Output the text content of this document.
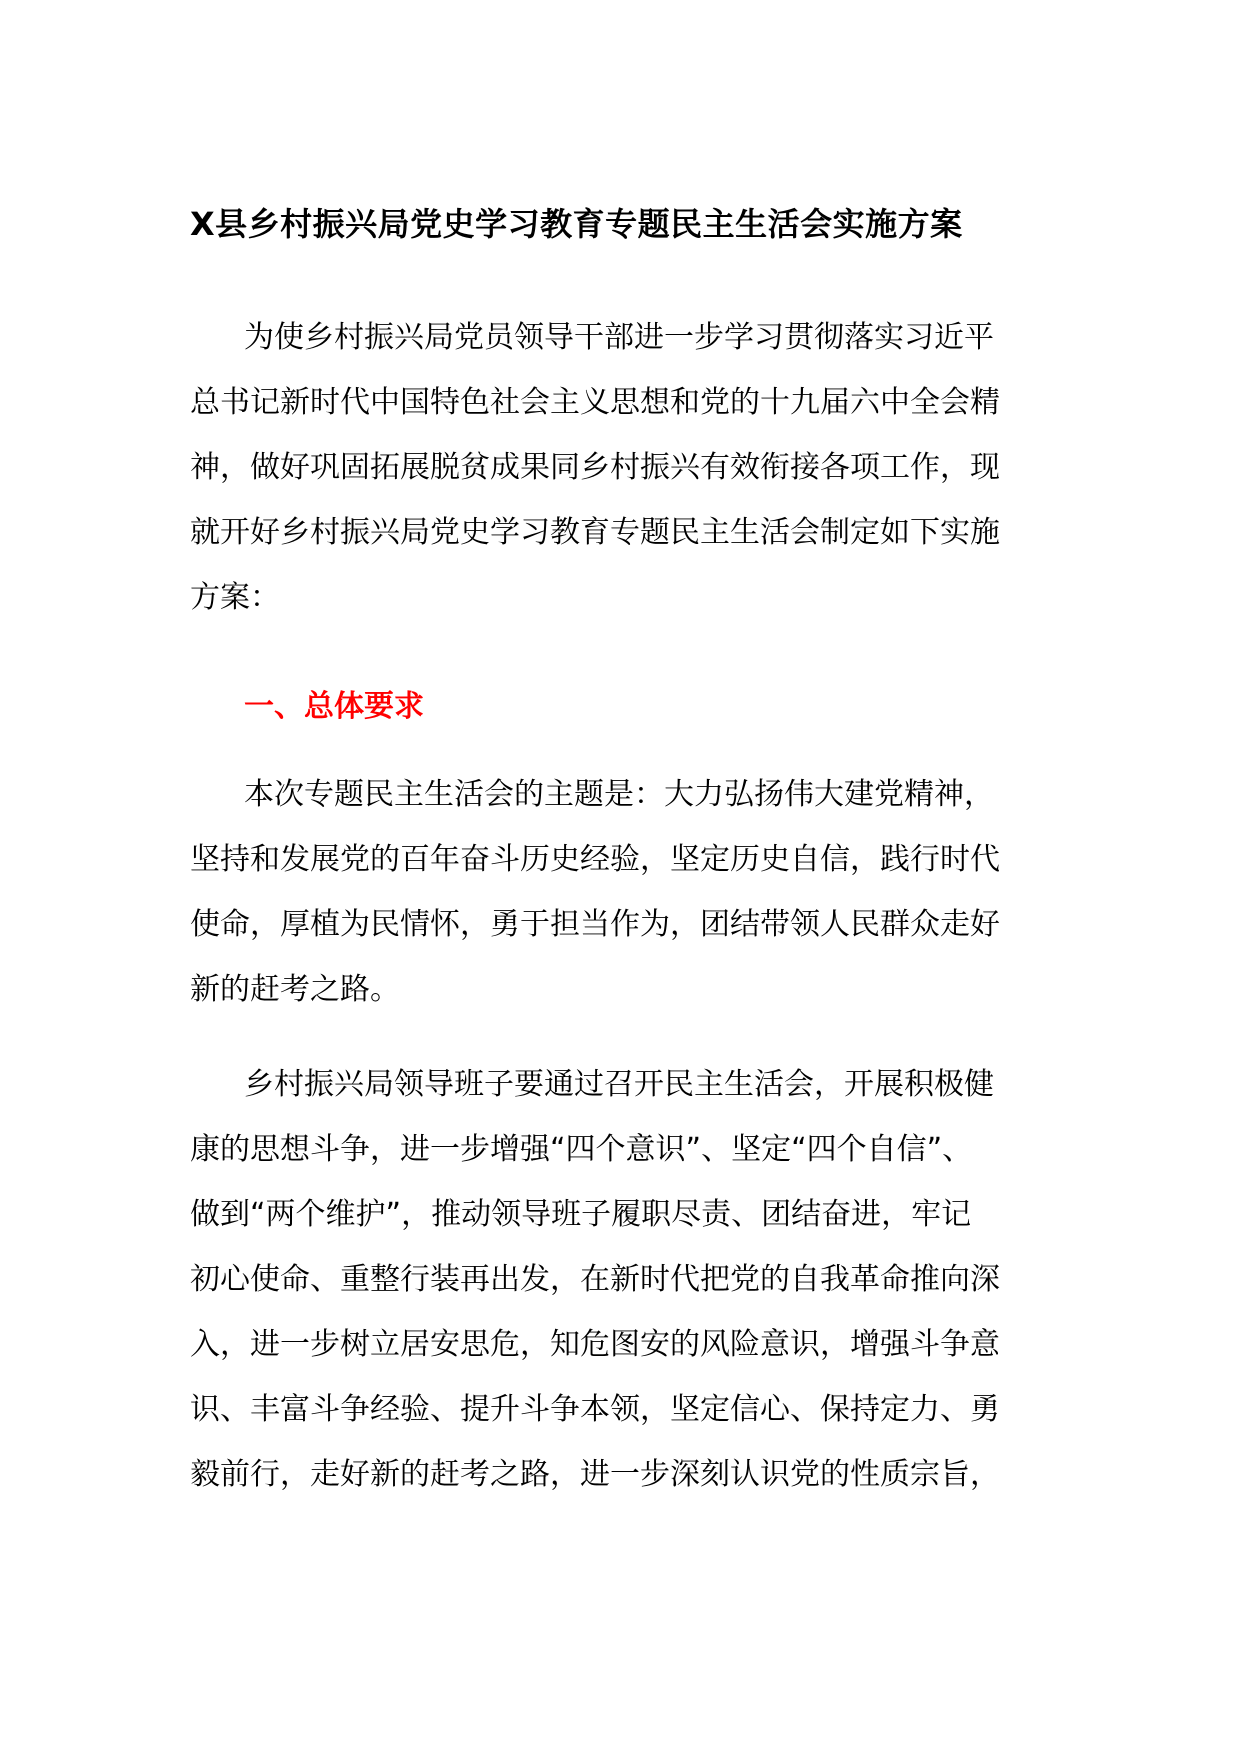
X县乡村振兴局党史学习教育专题民主生活会实施方案
为使乡村振兴局党员领导干部进一步学习贯彻落实习近平
总书记新时代中国特色社会主义思想和党的十九届六中全会精
神，做好巩固拓展脱贫成果同乡村振兴有效衔接各项工作，现
就开好乡村振兴局党史学习教育专题民主生活会制定如下实施
方案：
一、总体要求
本次专题民主生活会的主题是：大力弘扬伟大建党精神，
坚持和发展党的百年奋斗历史经验，坚定历史自信，践行时代
使命，厚植为民情怀，勇于担当作为，团结带领人民群众走好
新的赶考之路。
乡村振兴局领导班子要通过召开民主生活会，开展积极健
康的思想斗争，进一步增强“四个意识”、坚定“四个自信”、
做到“两个维护”，推动领导班子履职尽责、团结奋进，牢记
初心使命、重整行装再出发，在新时代把党的自我革命推向深
入，进一步树立居安思危，知危图安的风险意识，增强斗争意
识、丰富斗争经验、提升斗争本领，坚定信心、保持定力、勇
毅前行，走好新的赶考之路，进一步深刻认识党的性质宗旨，
